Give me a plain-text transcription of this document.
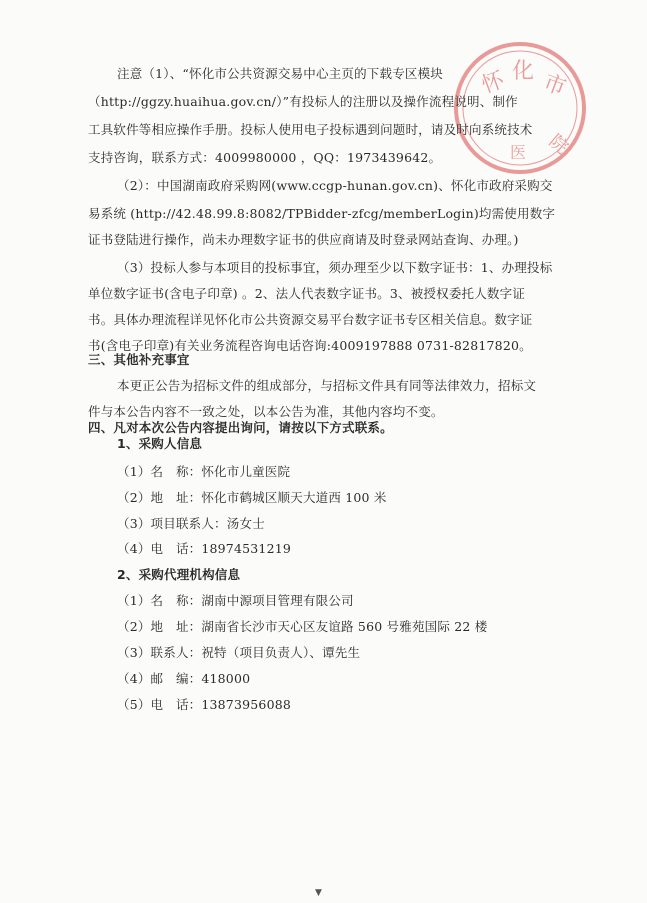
怀 化 市
院
医
注意（1）、“怀化市公共资源交易中心主页的下载专区模块
（http://ggzy.huaihua.gov.cn/）”有投标人的注册以及操作流程说明、制作
工具软件等相应操作手册。投标人使用电子投标遇到问题时，请及时向系统技术
支持咨询，联系方式：4009980000 ，QQ：1973439642。
（2）：中国湖南政府采购网(www.ccgp-hunan.gov.cn)、怀化市政府采购交
易系统 (http://42.48.99.8:8082/TPBidder-zfcg/memberLogin)均需使用数字
证书登陆进行操作，尚未办理数字证书的供应商请及时登录网站查询、办理。)
（3）投标人参与本项目的投标事宜，须办理至少以下数字证书：1、办理投标
单位数字证书(含电子印章) 。2、法人代表数字证书。3、被授权委托人数字证
书。具体办理流程详见怀化市公共资源交易平台数字证书专区相关信息。数字证
书(含电子印章)有关业务流程咨询电话咨询:4009197888 0731-82817820。
三、其他补充事宜
本更正公告为招标文件的组成部分，与招标文件具有同等法律效力，招标文
件与本公告内容不一致之处，以本公告为准，其他内容均不变。
四、凡对本次公告内容提出询问，请按以下方式联系。
1、采购人信息
（1）名　称：怀化市儿童医院
（2）地　址：怀化市鹤城区顺天大道西 100 米
（3）项目联系人：汤女士
（4）电　话：18974531219
2、采购代理机构信息
（1）名　称：湖南中源项目管理有限公司
（2）地　址：湖南省长沙市天心区友谊路 560 号雅苑国际 22 楼
（3）联系人：祝特（项目负责人）、谭先生
（4）邮　编：418000
（5）电　话：13873956088
▼
